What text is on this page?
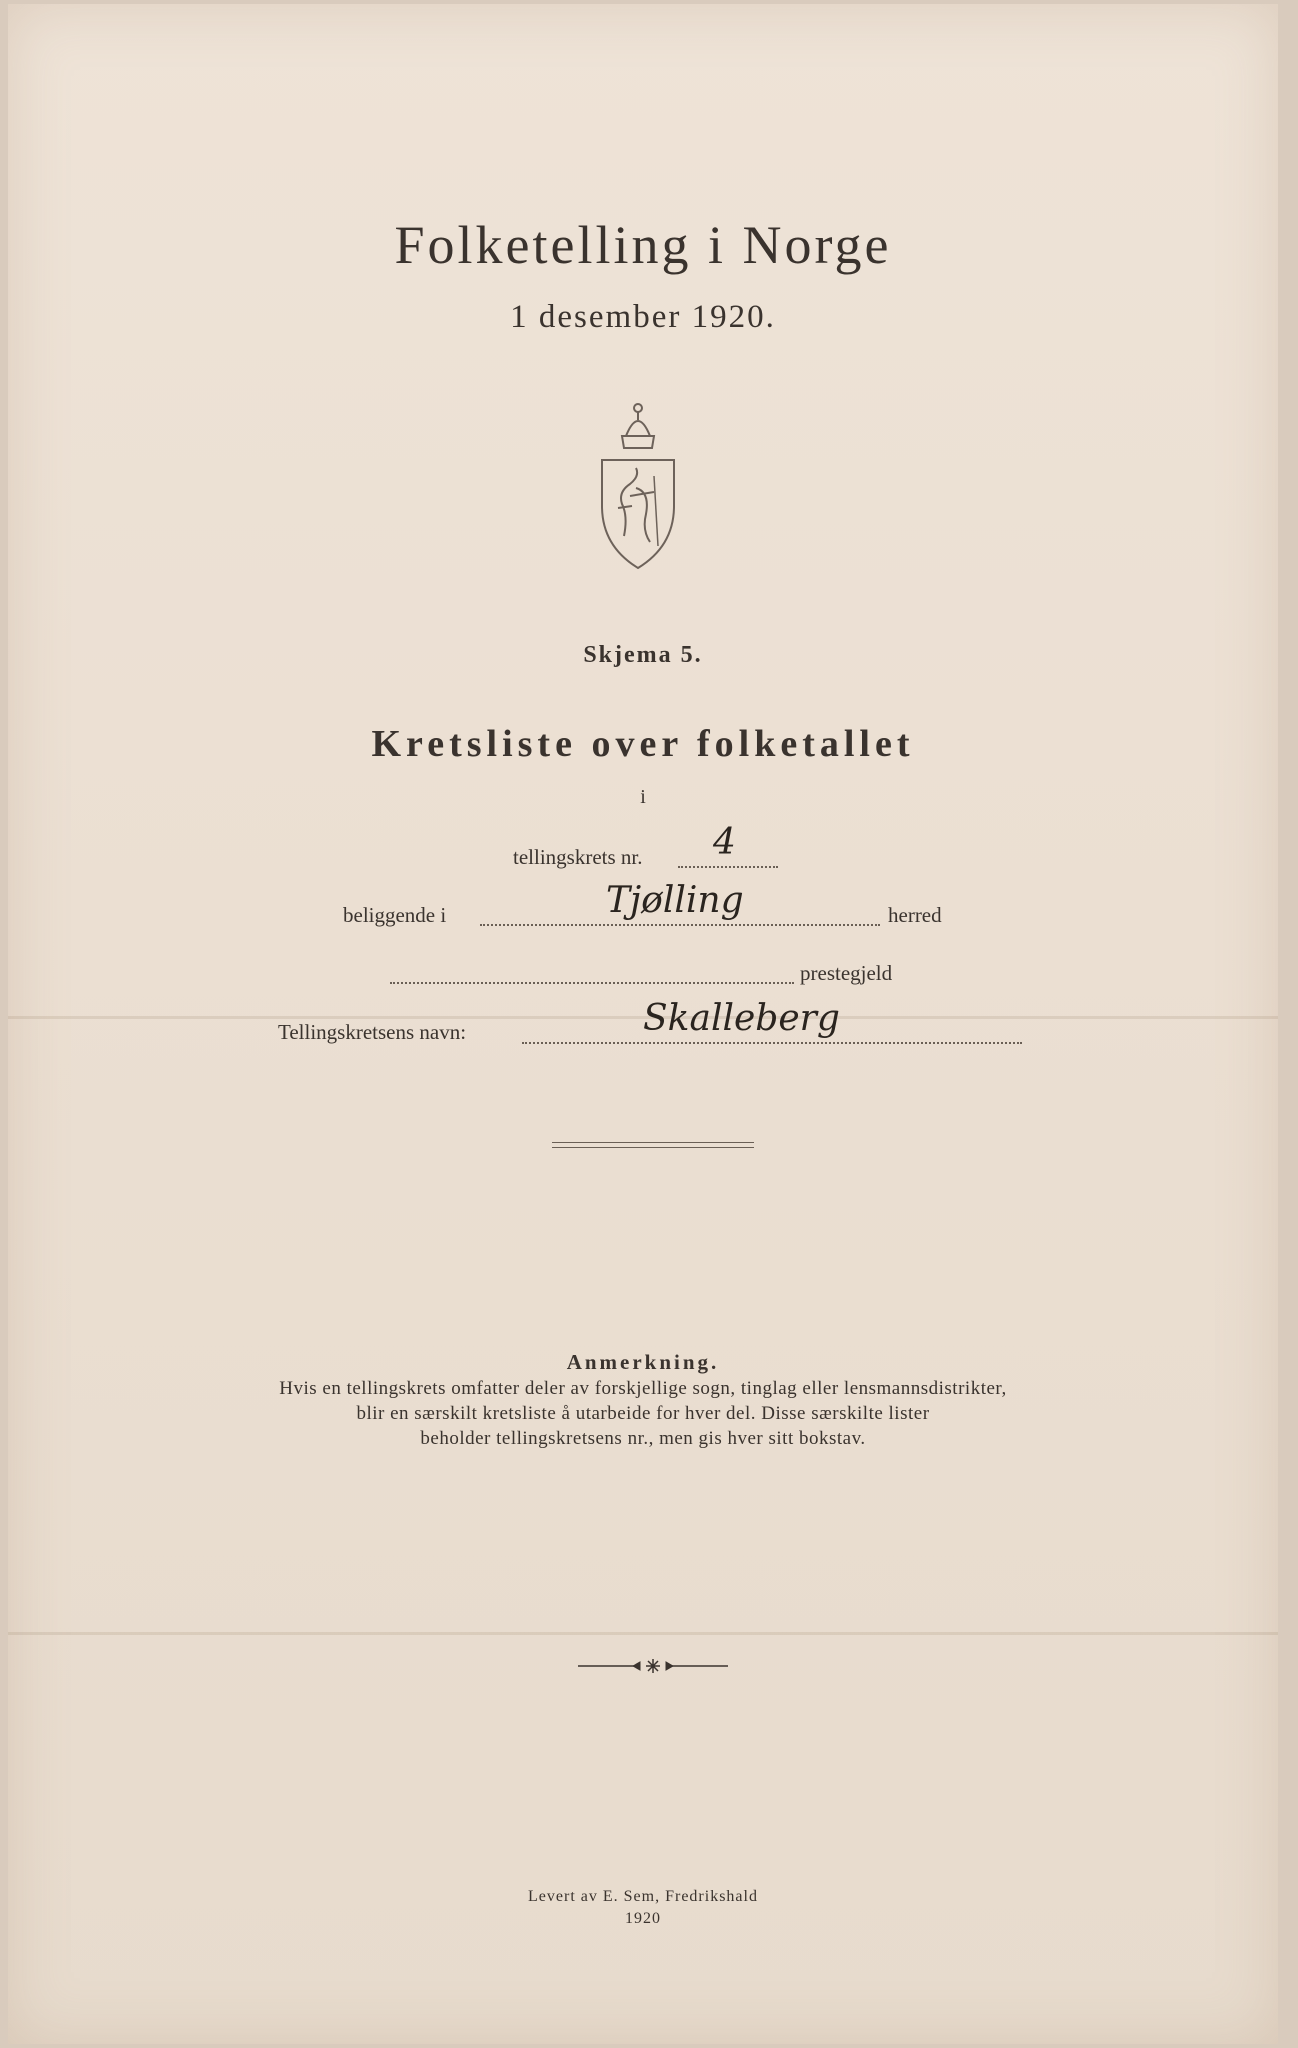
Folketelling i Norge
1 desember 1920.
Skjema 5.
Kretsliste over folketallet
i
tellingskrets nr. 4
beliggende i	Tjølling	herred
prestegjeld
Tellingskretsens navn:	Skalleberg
Anmerkning.
Hvis en tellingskrets omfatter deler av forskjellige sogn, tinglag eller lensmannsdistrikter,
blir en særskilt kretsliste å utarbeide for hver del. Disse særskilte lister
beholder tellingskretsens nr., men gis hver sitt bokstav.
Levert av E. Sem, Fredrikshald
1920
